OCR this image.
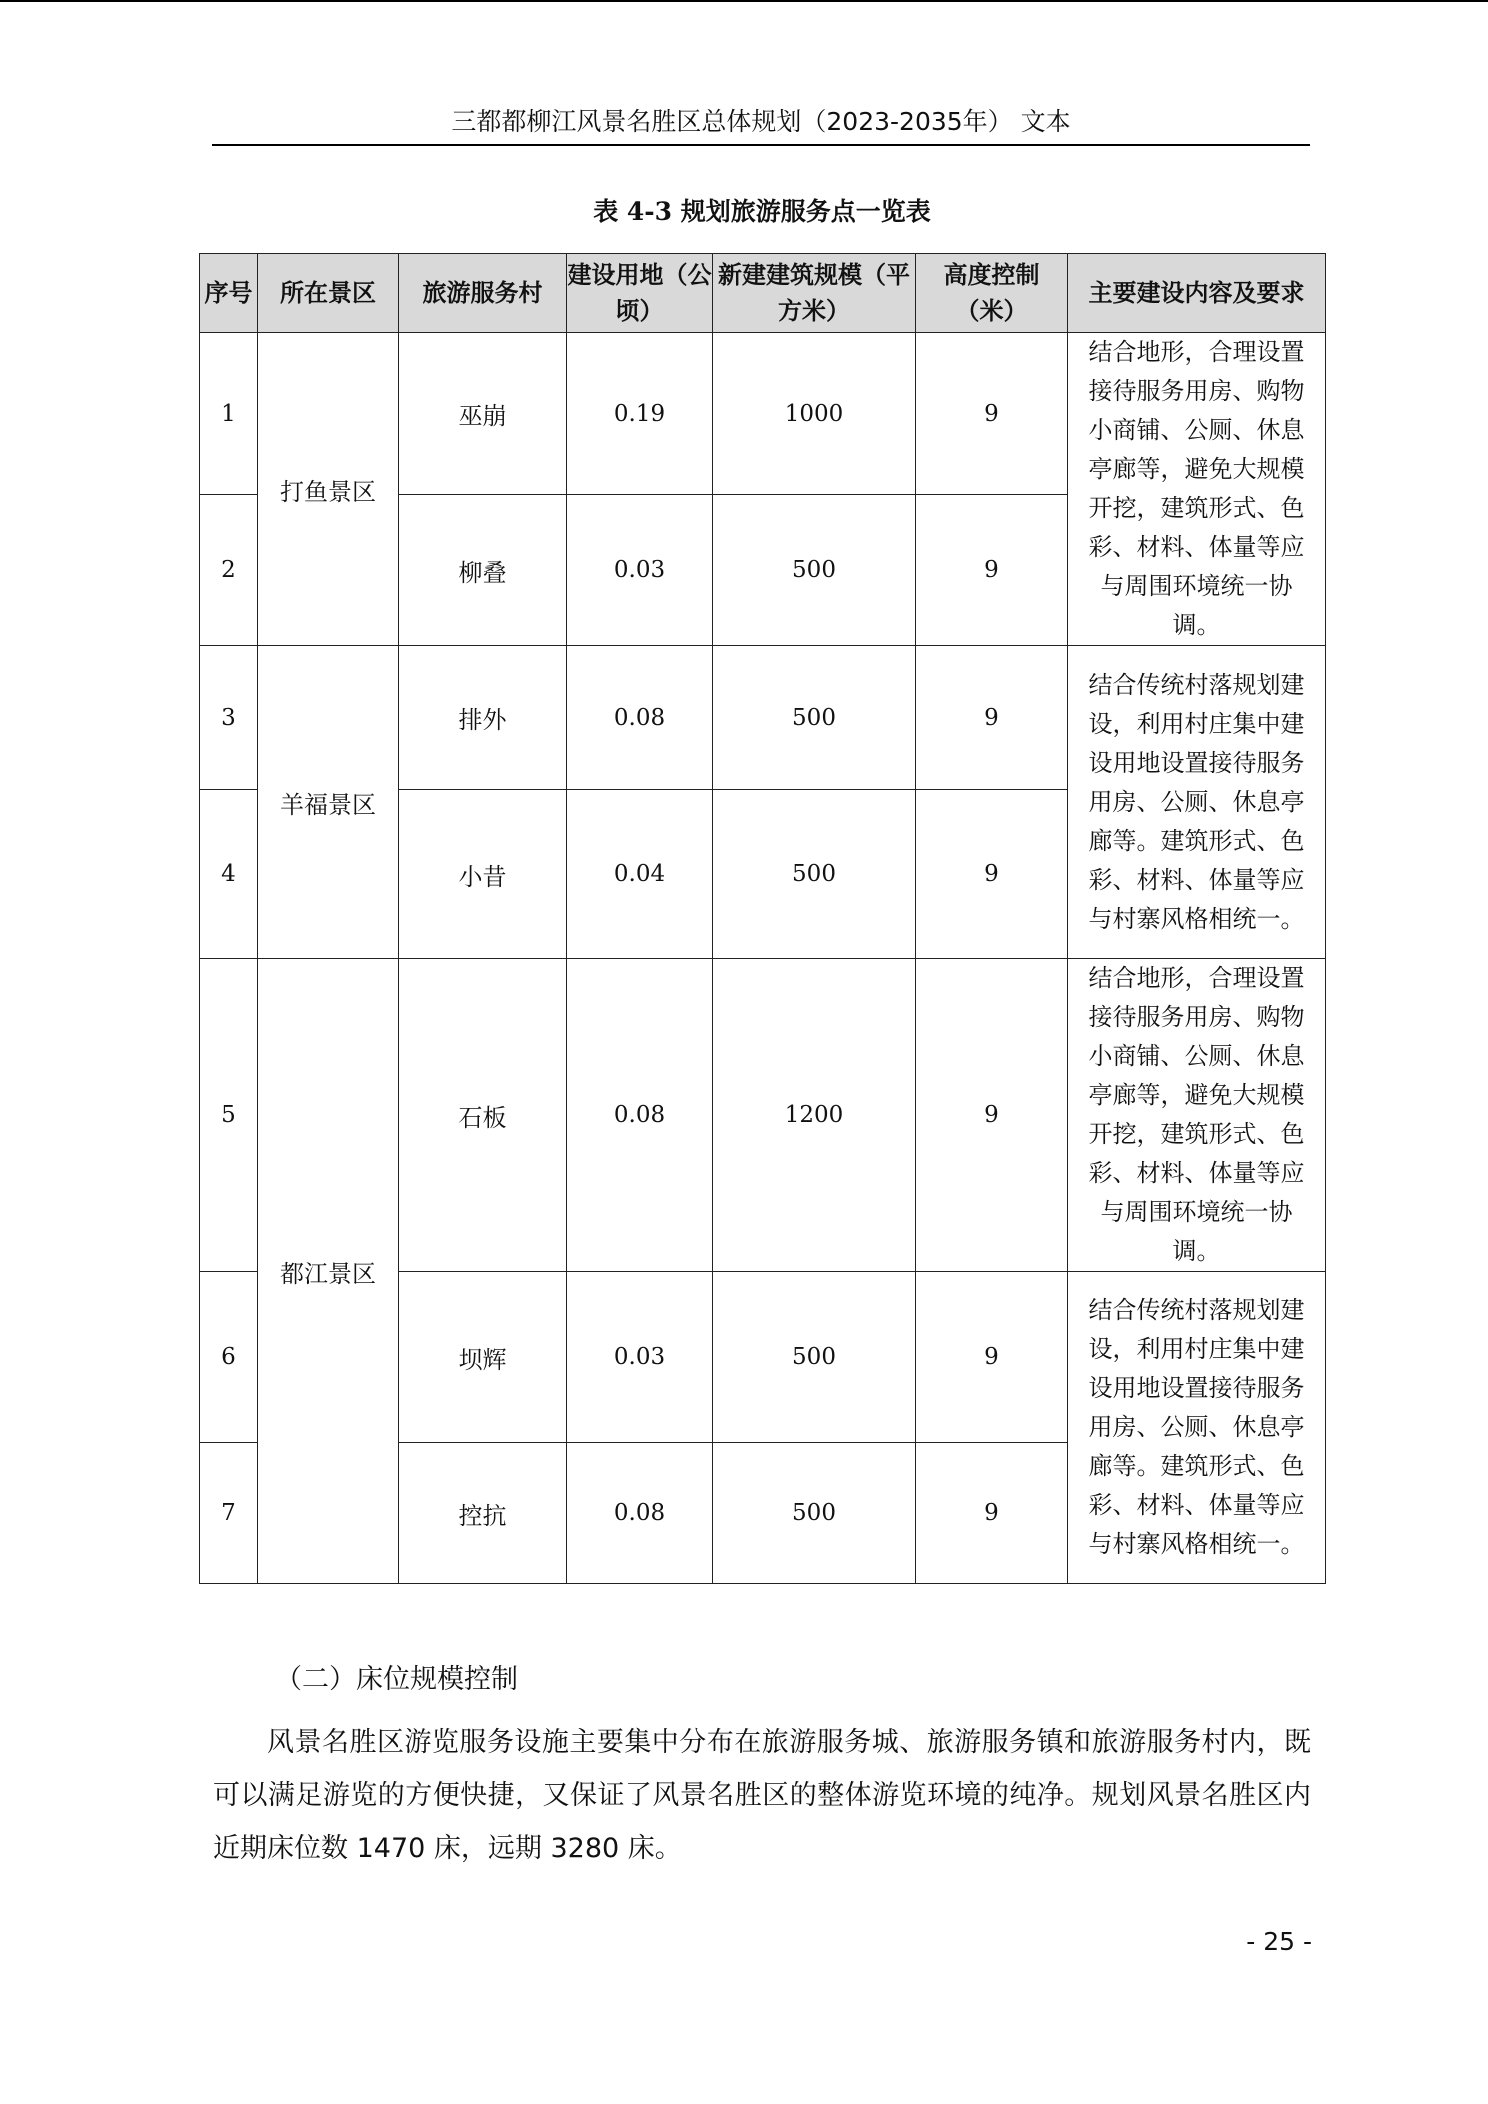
三都都柳江风景名胜区总体规划（2023-2035年） 文本
表 4-3 规划旅游服务点一览表
序号	所在景区	旅游服务村	建设用地（公顷）	新建建筑规模（平方米）	高度控制（米）	主要建设内容及要求
1	打鱼景区	巫崩	0.19	1000	9	结合地形，合理设置接待服务用房、购物小商铺、公厕、休息亭廊等，避免大规模开挖，建筑形式、色彩、材料、体量等应与周围环境统一协调。
2		柳叠	0.03	500	9	
3	羊福景区	排外	0.08	500	9	结合传统村落规划建设，利用村庄集中建设用地设置接待服务用房、公厕、休息亭廊等。建筑形式、色彩、材料、体量等应与村寨风格相统一。
4		小昔	0.04	500	9	
5	都江景区	石板	0.08	1200	9	结合地形，合理设置接待服务用房、购物小商铺、公厕、休息亭廊等，避免大规模开挖，建筑形式、色彩、材料、体量等应与周围环境统一协调。
6		坝辉	0.03	500	9	结合传统村落规划建设，利用村庄集中建设用地设置接待服务用房、公厕、休息亭廊等。建筑形式、色彩、材料、体量等应与村寨风格相统一。
7		控抗	0.08	500	9	
（二）床位规模控制

风景名胜区游览服务设施主要集中分布在旅游服务城、旅游服务镇和旅游服务村内，既可以满足游览的方便快捷，又保证了风景名胜区的整体游览环境的纯净。规划风景名胜区内近期床位数 1470 床，远期 3280 床。

- 25 -
